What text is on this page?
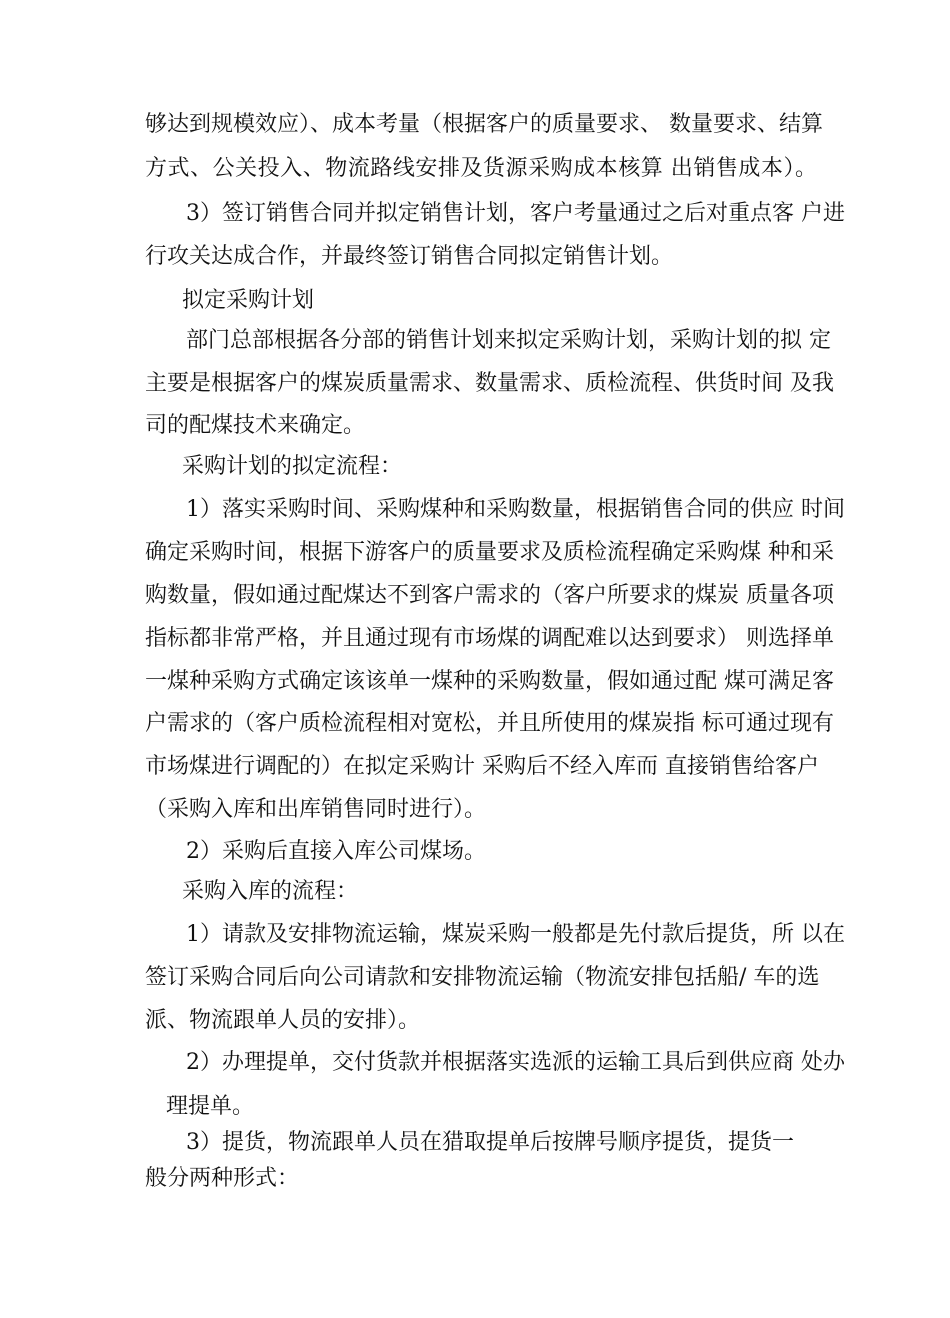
够达到规模效应）、成本考量（根据客户的质量要求、 数量要求、结算
方式、公关投入、物流路线安排及货源采购成本核算 出销售成本）。
3）签订销售合同并拟定销售计划，客户考量通过之后对重点客 户进
行攻关达成合作，并最终签订销售合同拟定销售计划。
拟定采购计划
部门总部根据各分部的销售计划来拟定采购计划，采购计划的拟 定
主要是根据客户的煤炭质量需求、数量需求、质检流程、供货时间 及我
司的配煤技术来确定。
采购计划的拟定流程：
1）落实采购时间、采购煤种和采购数量，根据销售合同的供应 时间
确定采购时间，根据下游客户的质量要求及质检流程确定采购煤 种和采
购数量，假如通过配煤达不到客户需求的（客户所要求的煤炭 质量各项
指标都非常严格，并且通过现有市场煤的调配难以达到要求） 则选择单
一煤种采购方式确定该该单一煤种的采购数量，假如通过配 煤可满足客
户需求的（客户质检流程相对宽松，并且所使用的煤炭指 标可通过现有
市场煤进行调配的）在拟定采购计 采购后不经入库而 直接销售给客户
（采购入库和出库销售同时进行）。
2）采购后直接入库公司煤场。
采购入库的流程：
1）请款及安排物流运输，煤炭采购一般都是先付款后提货，所 以在
签订采购合同后向公司请款和安排物流运输（物流安排包括船/ 车的选
派、物流跟单人员的安排）。
2）办理提单，交付货款并根据落实选派的运输工具后到供应商 处办
理提单。
3）提货，物流跟单人员在猎取提单后按牌号顺序提货，提货一
般分两种形式：
